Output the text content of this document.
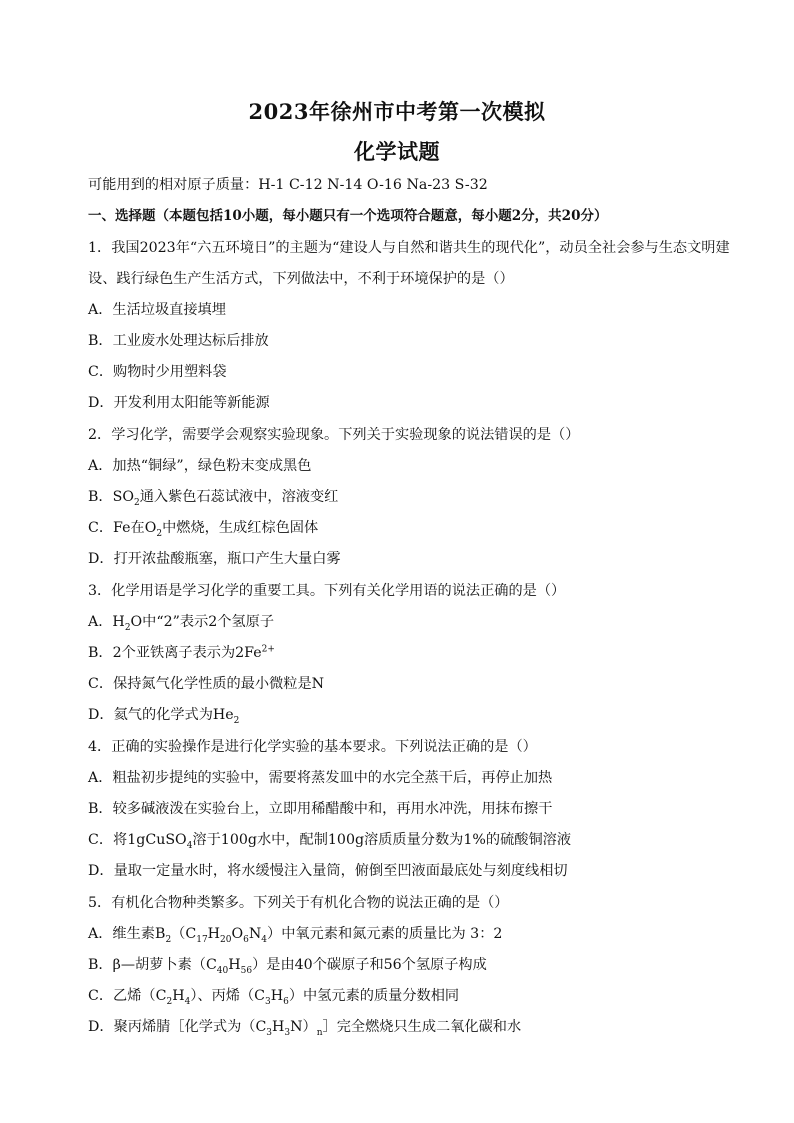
2023年徐州市中考第一次模拟
化学试题
可能用到的相对原子质量：H-1 C-12 N-14 O-16 Na-23 S-32
一、选择题（本题包括10小题，每小题只有一个选项符合题意，每小题2分，共20分）
1．我国2023年“六五环境日”的主题为“建设人与自然和谐共生的现代化”，动员全社会参与生态文明建
设、践行绿色生产生活方式，下列做法中，不利于环境保护的是（）
A．生活垃圾直接填埋
B．工业废水处理达标后排放
C．购物时少用塑料袋
D．开发利用太阳能等新能源
2．学习化学，需要学会观察实验现象。下列关于实验现象的说法错误的是（）
A．加热“铜绿”，绿色粉末变成黑色
B．$SO_2$通入紫色石蕊试液中，溶液变红
C．Fe在$O_2$中燃烧，生成红棕色固体
D．打开浓盐酸瓶塞，瓶口产生大量白雾
3．化学用语是学习化学的重要工具。下列有关化学用语的说法正确的是（）
A．$H_2O$中“2”表示2个氢原子
B．2个亚铁离子表示为$2Fe^{2+}$
C．保持氮气化学性质的最小微粒是N
D．氦气的化学式为$He_2$
4．正确的实验操作是进行化学实验的基本要求。下列说法正确的是（）
A．粗盐初步提纯的实验中，需要将蒸发皿中的水完全蒸干后，再停止加热
B．较多碱液泼在实验台上，立即用稀醋酸中和，再用水冲洗，用抹布擦干
C．将1gCuSO$_4$溶于100g水中，配制100g溶质质量分数为1%的硫酸铜溶液
D．量取一定量水时，将水缓慢注入量筒，俯倒至凹液面最底处与刻度线相切
5．有机化合物种类繁多。下列关于有机化合物的说法正确的是（）
A．维生素$B_2(C_{17}H_{20}O_6N_4)$中氧元素和氮元素的质量比为 3：2
B．β—胡萝卜素$(C_{40}H_{56})$是由40个碳原子和56个氢原子构成
C．乙烯$(C_2H_4)$、丙烯$(C_3H_6)$中氢元素的质量分数相同
D．聚丙烯腈［化学式为$(C_3H_3N)_n]$完全燃烧只生成二氧化碳和水
